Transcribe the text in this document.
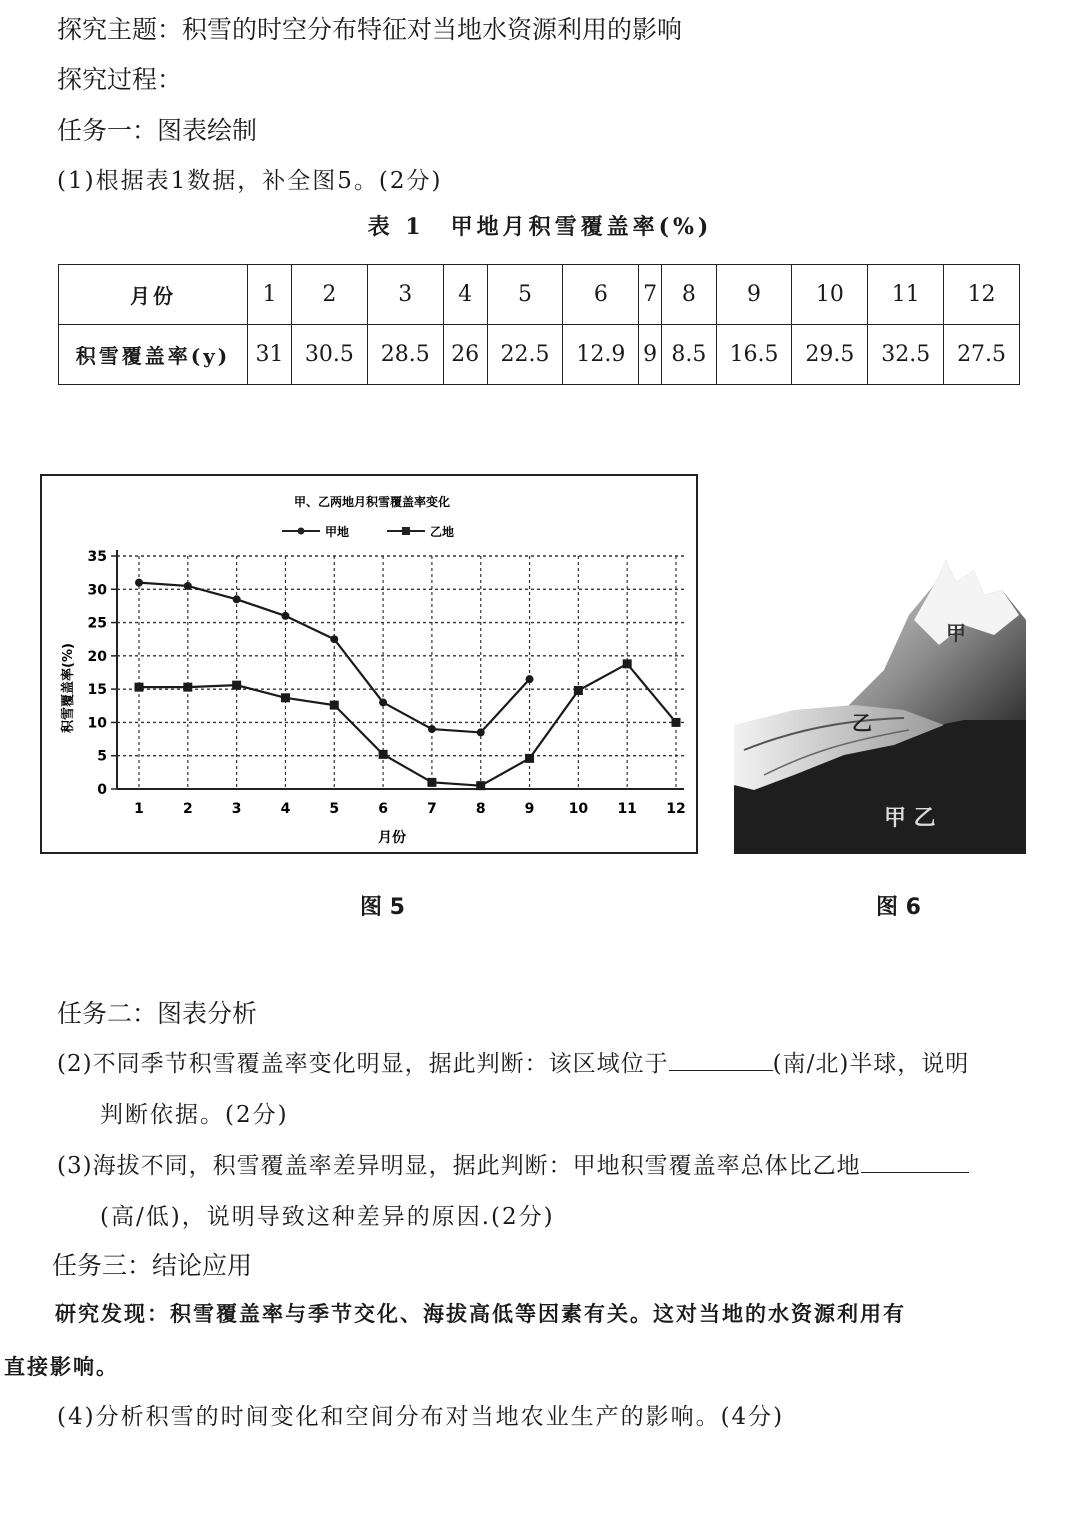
探究主题：积雪的时空分布特征对当地水资源利用的影响
探究过程：
任务一：图表绘制
(1)根据表1数据，补全图5。(2分)
表 1　甲地月积雪覆盖率(%)
月份	1	2	3	4	5	6	7	8	9	10	11	12
积雪覆盖率(y)	31	30.5	28.5	26	22.5	12.9	9	8.5	16.5	29.5	32.5	27.5
甲、乙两地月积雪覆盖率变化
甲地	乙地
0
5
10
15
20
25
30
35
1	2	3	4	5	6	7	8	9 10 11 12
月份
积雪覆盖率(%)
图 5
甲
乙
甲 乙
图 6
任务二：图表分析
(2)不同季节积雪覆盖率变化明显，据此判断：该区域位于	(南/北)半球，说明
判断依据。(2分)
(3)海拔不同，积雪覆盖率差异明显，据此判断：甲地积雪覆盖率总体比乙地
(高/低)，说明导致这种差异的原因.(2分)
任务三：结论应用
研究发现：积雪覆盖率与季节交化、海拔高低等因素有关。这对当地的水资源利用有
直接影响。
(4)分析积雪的时间变化和空间分布对当地农业生产的影响。(4分)
